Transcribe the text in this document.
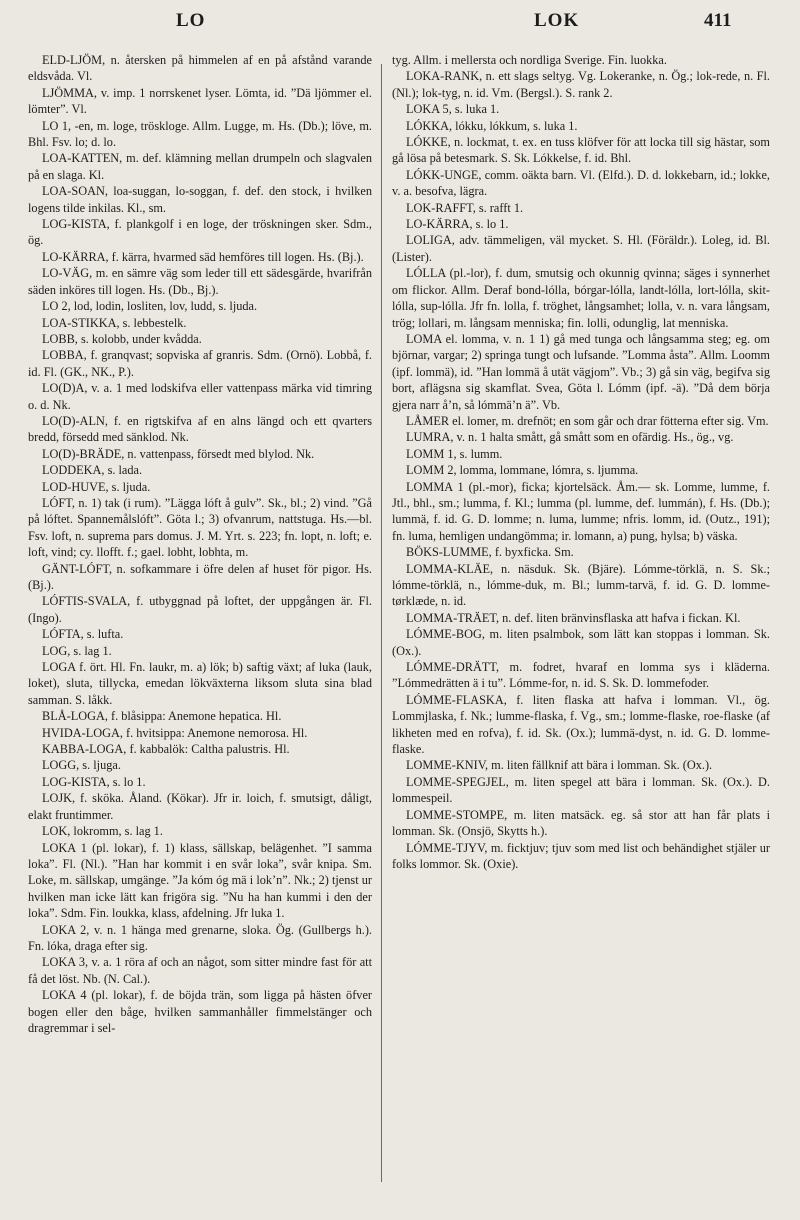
LO	LOK	411

ELD-LJÖM, n. återsken på himmelen af en på afstånd varande eldsvåda. Vl.

LJÖMMA, v. imp. 1 norrskenet lyser. Lömta, id. ”Dä ljömmer el. lömter”. Vl.

LO 1, -en, m. loge, tröskloge. Allm. Lugge, m. Hs. (Db.); löve, m. Bhl. Fsv. lo; d. lo.

LOA-KATTEN, m. def. klämning mellan drumpeln och slagvalen på en slaga. Kl.

LOA-SOAN, loa-suggan, lo-soggan, f. def. den stock, i hvilken logens tilde inkilas. Kl., sm.

LOG-KISTA, f. plankgolf i en loge, der tröskningen sker. Sdm., ög.

LO-KÄRRA, f. kärra, hvarmed säd hemföres till logen. Hs. (Bj.).

LO-VÄG, m. en sämre väg som leder till ett sädesgärde, hvarifrån säden inköres till logen. Hs. (Db., Bj.).

LO 2, lod, lodin, losliten, lov, ludd, s. ljuda.

LOA-STIKKA, s. lebbestelk.

LOBB, s. kolobb, under kvådda.

LOBBA, f. granqvast; sopviska af granris. Sdm. (Ornö). Lobbå, f. id. Fl. (GK., NK., P.).

LO(D)A, v. a. 1 med lodskifva eller vattenpass märka vid timring o. d. Nk.

LO(D)-ALN, f. en rigtskifva af en alns längd och ett qvarters bredd, försedd med sänklod. Nk.

LO(D)-BRÄDE, n. vattenpass, försedt med blylod. Nk.

LODDEKA, s. lada.

LOD-HUVE, s. ljuda.

LÓFT, n. 1) tak (i rum). ”Lägga lóft å gulv”. Sk., bl.; 2) vind. ”Gå på lóftet. Spannemålslóft”. Göta l.; 3) ofvanrum, nattstuga. Hs.—bl. Fsv. loft, n. suprema pars domus. J. M. Yrt. s. 223; fn. lopt, n. loft; e. loft, vind; cy. llofft. f.; gael. lobht, lobhta, m.

GÄNT-LÓFT, n. sofkammare i öfre delen af huset för pigor. Hs. (Bj.).

LÓFTIS-SVALA, f. utbyggnad på loftet, der uppgången är. Fl. (Ingo).

LÓFTA, s. lufta.

LOG, s. lag 1.

LOGA f. ört. Hl. Fn. laukr, m. a) lök; b) saftig växt; af luka (lauk, loket), sluta, tillycka, emedan lökväxterna liksom sluta sina blad samman. S. låkk.

BLÅ-LOGA, f. blåsippa: Anemone hepatica. Hl.

HVIDA-LOGA, f. hvitsippa: Anemone nemorosa. Hl.

KABBA-LOGA, f. kabbalök: Caltha palustris. Hl.

LOGG, s. ljuga.

LOG-KISTA, s. lo 1.

LOJK, f. sköka. Åland. (Kökar). Jfr ir. loich, f. smutsigt, dåligt, elakt fruntimmer.

LOK, lokromm, s. lag 1.

LOKA 1 (pl. lokar), f. 1) klass, sällskap, belägenhet. ”I samma loka”. Fl. (Nl.). ”Han har kommit i en svår loka”, svår knipa. Sm. Loke, m. sällskap, umgänge. ”Ja kóm óg mä i lok’n”. Nk.; 2) tjenst ur hvilken man icke lätt kan frigöra sig. ”Nu ha han kummi i den der loka”. Sdm. Fin. loukka, klass, afdelning. Jfr luka 1.

LOKA 2, v. n. 1 hänga med grenarne, sloka. Ög. (Gullbergs h.). Fn. lóka, draga efter sig.

LOKA 3, v. a. 1 röra af och an något, som sitter mindre fast för att få det löst. Nb. (N. Cal.).

LOKA 4 (pl. lokar), f. de böjda trän, som ligga på hästen öfver bogen eller den båge, hvilken sammanhåller fimmelstänger och dragremmar i sel-

tyg. Allm. i mellersta och nordliga Sverige. Fin. luokka.

LOKA-RANK, n. ett slags seltyg. Vg. Lokeranke, n. Ög.; lok-rede, n. Fl. (Nl.); lok-tyg, n. id. Vm. (Bergsl.). S. rank 2.

LOKA 5, s. luka 1.

LÓKKA, lókku, lókkum, s. luka 1.

LÓKKE, n. lockmat, t. ex. en tuss klöfver för att locka till sig hästar, som gå lösa på betesmark. S. Sk. Lókkelse, f. id. Bhl.

LÓKK-UNGE, comm. oäkta barn. Vl. (Elfd.). D. d. lokkebarn, id.; lokke, v. a. besofva, lägra.

LOK-RAFFT, s. rafft 1.

LO-KÄRRA, s. lo 1.

LOLIGA, adv. tämmeligen, väl mycket. S. Hl. (Föräldr.). Loleg, id. Bl. (Lister).

LÓLLA (pl.-lor), f. dum, smutsig och okunnig qvinna; säges i synnerhet om flickor. Allm. Deraf bond-lólla, bórgar-lólla, landt-lólla, lort-lólla, skit-lólla, sup-lólla. Jfr fn. lolla, f. tröghet, långsamhet; lolla, v. n. vara långsam, trög; lollari, m. långsam menniska; fin. lolli, odunglig, lat menniska.

LOMA el. lomma, v. n. 1 1) gå med tunga och långsamma steg; eg. om björnar, vargar; 2) springa tungt och lufsande. ”Lomma åsta”. Allm. Loomm (ipf. lommä), id. ”Han lommä å utät vägjom”. Vb.; 3) gå sin väg, begifva sig bort, aflägsna sig skamflat. Svea, Göta l. Lómm (ipf. -ä). ”Då dem börja gjera narr å’n, så lómmä’n ä”. Vb.

LÅMER el. lomer, m. drefnöt; en som går och drar fötterna efter sig. Vm.

LUMRA, v. n. 1 halta smått, gå smått som en ofärdig. Hs., ög., vg.

LOMM 1, s. lumm.

LOMM 2, lomma, lommane, lómra, s. ljumma.

LOMMA 1 (pl.-mor), ficka; kjortelsäck. Åm.— sk. Lomme, lumme, f. Jtl., bhl., sm.; lumma, f. Kl.; lumma (pl. lumme, def. lummán), f. Hs. (Db.); lummä, f. id. G. D. lomme; n. luma, lumme; nfris. lomm, id. (Outz., 191); fn. luma, hemligen undangömma; ir. lomann, a) pung, hylsa; b) väska.

BÖKS-LUMME, f. byxficka. Sm.

LOMMA-KLÄE, n. näsduk. Sk. (Bjäre). Lómme-törklä, n. S. Sk.; lómme-törklä, n., lómme-duk, m. Bl.; lumm-tarvä, f. id. G. D. lomme-tørklæde, n. id.

LOMMA-TRÄET, n. def. liten bränvinsflaska att hafva i fickan. Kl.

LÓMME-BOG, m. liten psalmbok, som lätt kan stoppas i lomman. Sk. (Ox.).

LÓMME-DRÄTT, m. fodret, hvaraf en lomma sys i kläderna. ”Lómmedrätten ä i tu”. Lómme-for, n. id. S. Sk. D. lommefoder.

LÓMME-FLASKA, f. liten flaska att hafva i lomman. Vl., ög. Lommjlaska, f. Nk.; lumme-flaska, f. Vg., sm.; lomme-flaske, roe-flaske (af likheten med en rofva), f. id. Sk. (Ox.); lummä-dyst, n. id. G. D. lomme-flaske.

LOMME-KNIV, m. liten fällknif att bära i lomman. Sk. (Ox.).

LOMME-SPEGJEL, m. liten spegel att bära i lomman. Sk. (Ox.). D. lommespeil.

LOMME-STOMPE, m. liten matsäck. eg. så stor att han får plats i lomman. Sk. (Onsjö, Skytts h.).

LÓMME-TJYV, m. ficktjuv; tjuv som med list och behändighet stjäler ur folks lommor. Sk. (Oxie).
